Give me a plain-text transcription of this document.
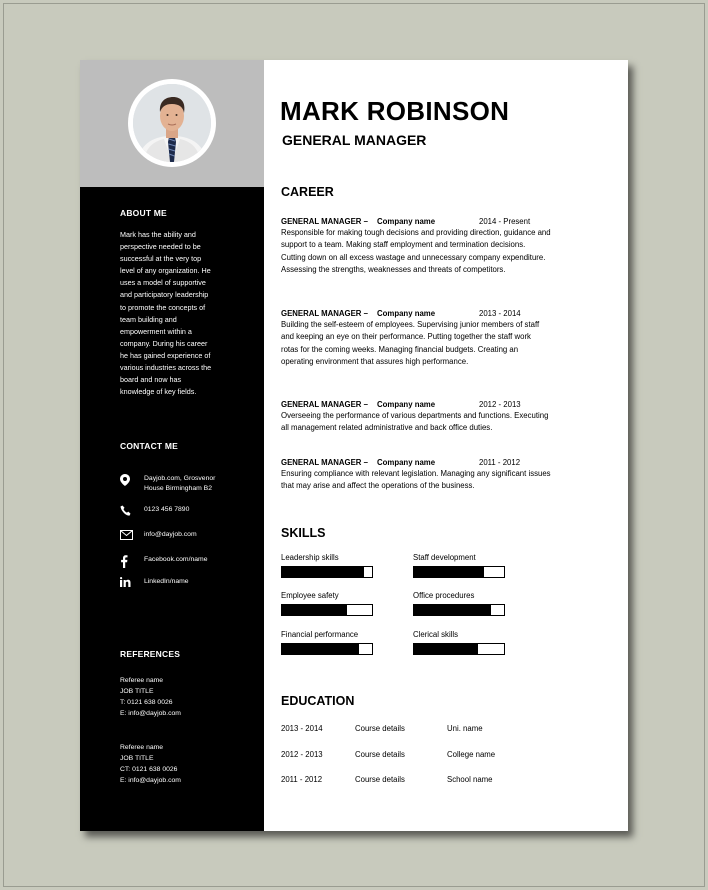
ABOUT ME
Mark has the ability and
perspective needed to be
successful at the very top
level of any organization. He
uses a model of supportive
and participatory leadership
to promote the concepts of
team building and
empowerment within a
company. During his career
he has gained experience of
various industries across the
board and now has
knowledge of key fields.
CONTACT ME
Dayjob.com, Grosvenor
House Birmingham B2
0123 456 7890
info@dayjob.com
Facebook.com/name
LinkedIn/name
REFERENCES
Referee name
JOB TITLE
T: 0121 638 0026
E: info@dayjob.com
Referee name
JOB TITLE
CT: 0121 638 0026
E: info@dayjob.com
MARK ROBINSON
GENERAL MANAGER
CAREER
GENERAL MANAGER –	Company name	2014 - Present
Responsible for making tough decisions and providing direction, guidance and
support to a team. Making staff employment and termination decisions.
Cutting down on all excess wastage and unnecessary company expenditure.
Assessing the strengths, weaknesses and threats of competitors.
GENERAL MANAGER –	Company name	2013 - 2014
Building the self-esteem of employees. Supervising junior members of staff
and keeping an eye on their performance. Putting together the staff work
rotas for the coming weeks. Managing financial budgets. Creating an
operating environment that assures high performance.
GENERAL MANAGER –	Company name	2012 - 2013
Overseeing the performance of various departments and functions. Executing
all management related administrative and back office duties.
GENERAL MANAGER –	Company name	2011 - 2012
Ensuring compliance with relevant legislation. Managing any significant issues
that may arise and affect the operations of the business.
SKILLS
Leadership skills	Staff development
Employee safety	Office procedures
Financial performance	Clerical skills
EDUCATION
2013 - 2014	Course details	Uni. name
2012 - 2013	Course details	College name
2011 - 2012	Course details	School name
